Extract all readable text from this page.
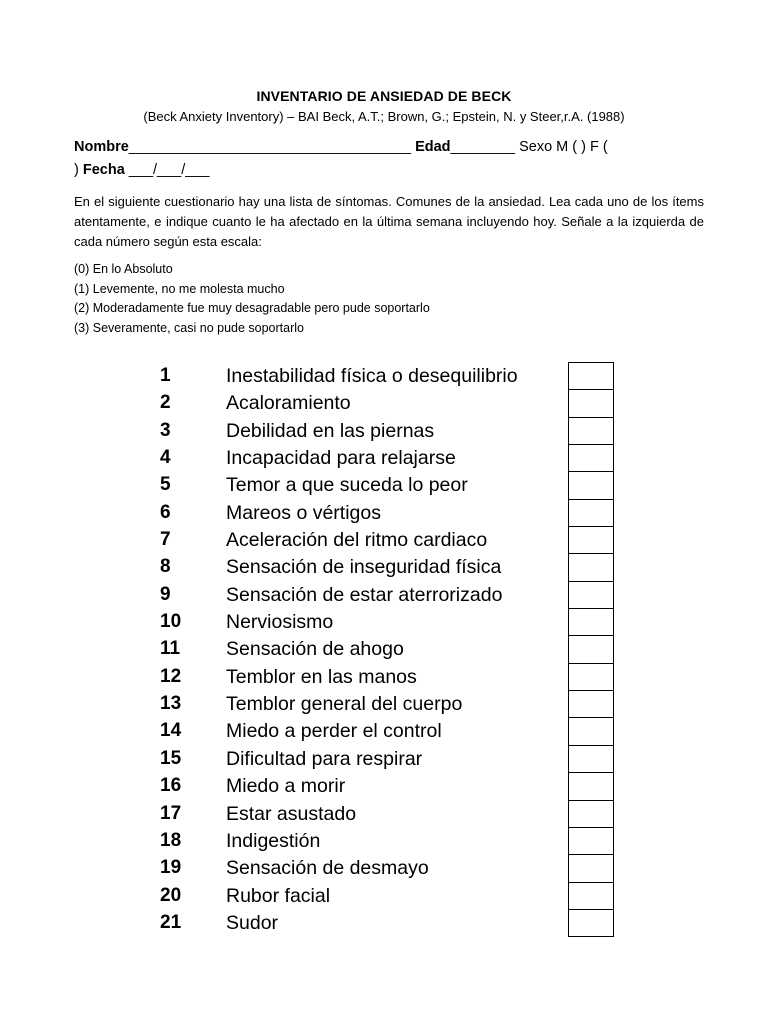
INVENTARIO DE ANSIEDAD DE BECK
(Beck Anxiety Inventory) – BAI Beck, A.T.; Brown, G.; Epstein, N. y Steer,r.A. (1988)
Nombre___________________________________ Edad________ Sexo M ( ) F (
) Fecha ___/___/___
En el siguiente cuestionario hay una lista de síntomas. Comunes de la ansiedad. Lea cada uno de los ítems atentamente, e indique cuanto le ha afectado en la última semana incluyendo hoy. Señale a la izquierda de cada número según esta escala:
(0) En lo Absoluto
(1) Levemente, no me molesta mucho
(2) Moderadamente fue muy desagradable pero pude soportarlo
(3) Severamente, casi no pude soportarlo
1	Inestabilidad física o desequilibrio
2	Acaloramiento
3	Debilidad en las piernas
4	Incapacidad para relajarse
5	Temor a que suceda lo peor
6	Mareos o vértigos
7	Aceleración del ritmo cardiaco
8	Sensación de inseguridad física
9	Sensación de estar aterrorizado
10 Nerviosismo
11 Sensación de ahogo
12 Temblor en las manos
13 Temblor general del cuerpo
14 Miedo a perder el control
15 Dificultad para respirar
16 Miedo a morir
17 Estar asustado
18 Indigestión
19 Sensación de desmayo
20 Rubor facial
21 Sudor
